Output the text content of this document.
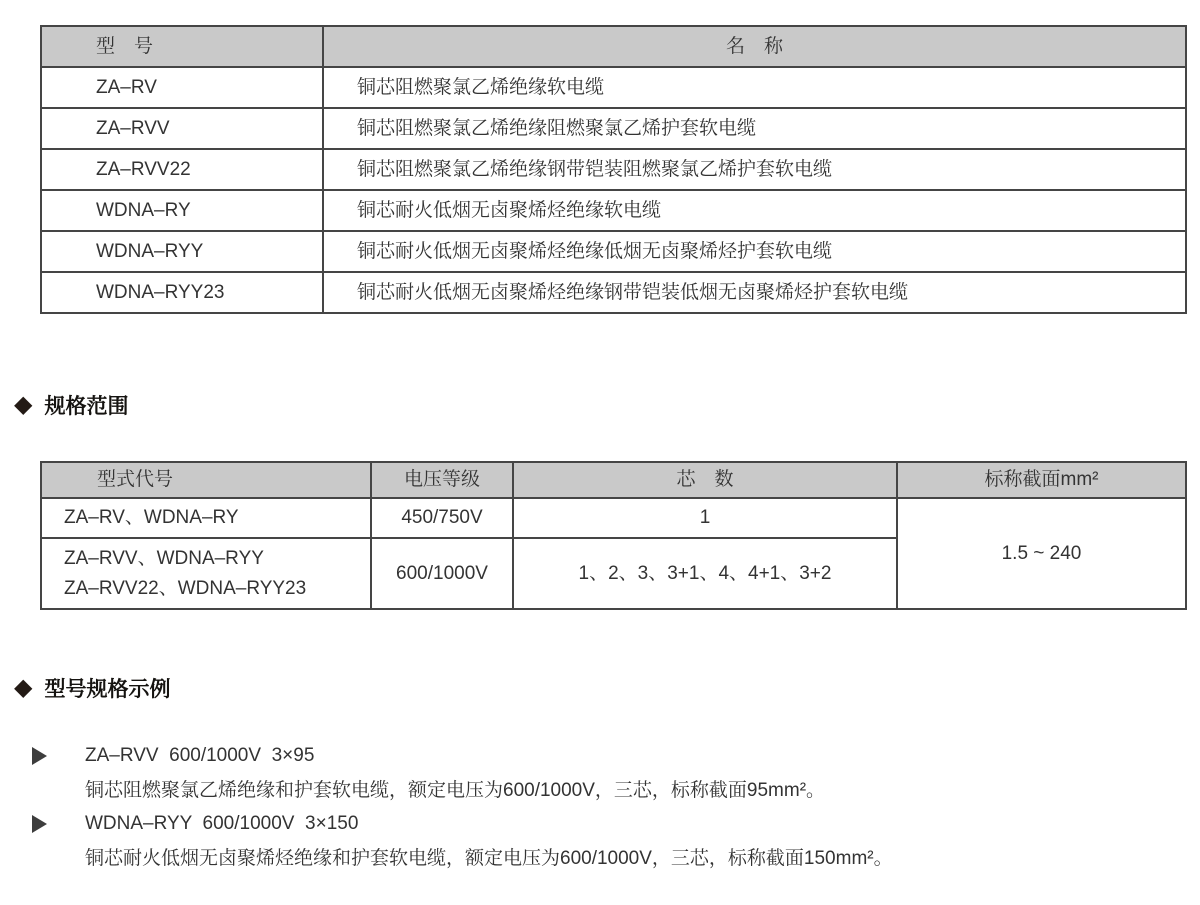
型　号	名　称
ZA–RV	铜芯阻燃聚氯乙烯绝缘软电缆
ZA–RVV	铜芯阻燃聚氯乙烯绝缘阻燃聚氯乙烯护套软电缆
ZA–RVV22	铜芯阻燃聚氯乙烯绝缘钢带铠装阻燃聚氯乙烯护套软电缆
WDNA–RY	铜芯耐火低烟无卤聚烯烃绝缘软电缆
WDNA–RYY	铜芯耐火低烟无卤聚烯烃绝缘低烟无卤聚烯烃护套软电缆
WDNA–RYY23	铜芯耐火低烟无卤聚烯烃绝缘钢带铠装低烟无卤聚烯烃护套软电缆
◆ 规格范围
型式代号	电压等级	芯　数	标称截面mm²
ZA–RV、WDNA–RY	450/750V	1	1.5 ~ 240

ZA–RVV、WDNA–RYY
ZA–RVV22、WDNA–RYY23	600/1000V	1、2、3、3+1、4、4+1、3+2	
◆ 型号规格示例
ZA–RVV  600/1000V  3×95
铜芯阻燃聚氯乙烯绝缘和护套软电缆，额定电压为600/1000V，三芯，标称截面95mm²。
WDNA–RYY  600/1000V  3×150
铜芯耐火低烟无卤聚烯烃绝缘和护套软电缆，额定电压为600/1000V，三芯，标称截面150mm²。
